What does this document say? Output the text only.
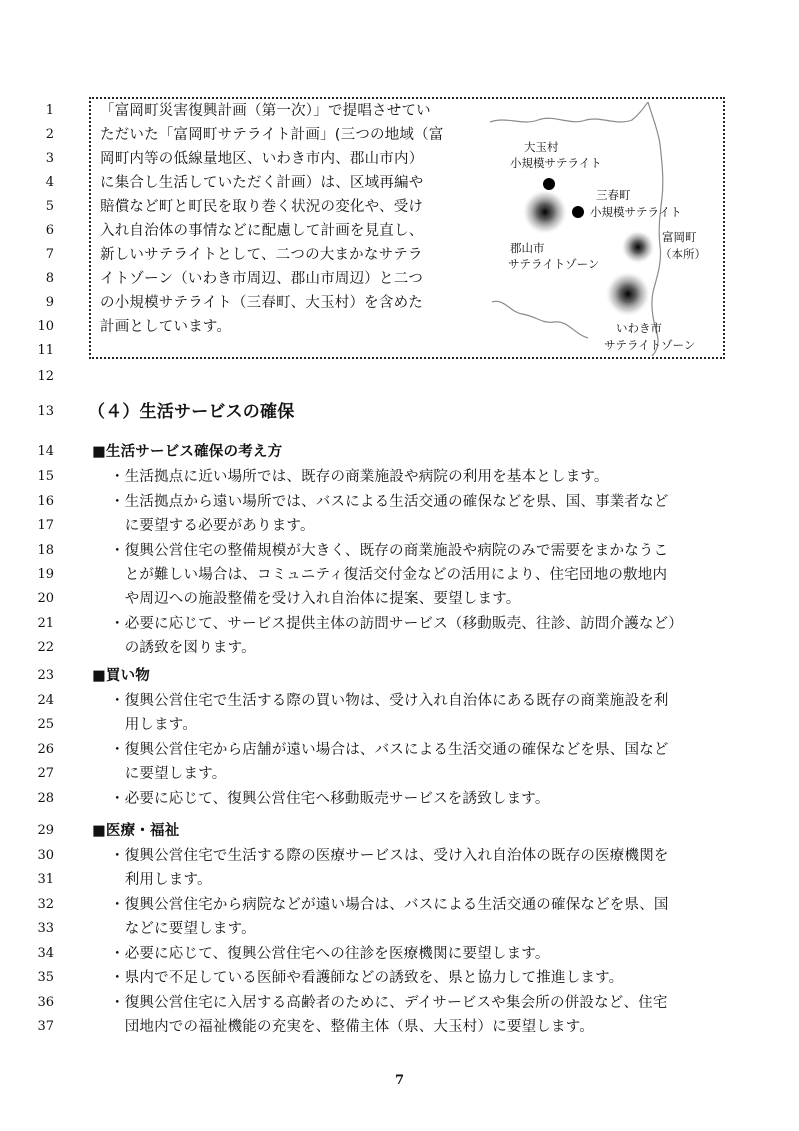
1
2
3
4
5
6
7
8
9
10
11
12
13
14
15
16
17
18
19
20
21
22
23
24
25
26
27
28
29
30
31
32
33
34
35
36
37
「富岡町災害復興計画（第一次）」で提唱させてい
ただいた「富岡町サテライト計画」(三つの地域（富
岡町内等の低線量地区、いわき市内、郡山市内）
に集合し生活していただく計画）は、区域再編や
賠償など町と町民を取り巻く状況の変化や、受け
入れ自治体の事情などに配慮して計画を見直し、
新しいサテライトとして、二つの大まかなサテラ
イトゾーン（いわき市周辺、郡山市周辺）と二つ
の小規模サテライト（三春町、大玉村）を含めた
計画としています。
大玉村
小規模サテライト
三春町
小規模サテライト
郡山市
サテライトゾーン
富岡町
（本所）
いわき市
サテライトゾーン
（４）生活サービスの確保
■生活サービス確保の考え方
・生活拠点に近い場所では、既存の商業施設や病院の利用を基本とします。
・生活拠点から遠い場所では、バスによる生活交通の確保などを県、国、事業者など
　に要望する必要があります。
・復興公営住宅の整備規模が大きく、既存の商業施設や病院のみで需要をまかなうこ
　とが難しい場合は、コミュニティ復活交付金などの活用により、住宅団地の敷地内
　や周辺への施設整備を受け入れ自治体に提案、要望します。
・必要に応じて、サービス提供主体の訪問サービス（移動販売、往診、訪問介護など）
　の誘致を図ります。
■買い物
・復興公営住宅で生活する際の買い物は、受け入れ自治体にある既存の商業施設を利
　用します。
・復興公営住宅から店舗が遠い場合は、バスによる生活交通の確保などを県、国など
　に要望します。
・必要に応じて、復興公営住宅へ移動販売サービスを誘致します。
■医療・福祉
・復興公営住宅で生活する際の医療サービスは、受け入れ自治体の既存の医療機関を
　利用します。
・復興公営住宅から病院などが遠い場合は、バスによる生活交通の確保などを県、国
　などに要望します。
・必要に応じて、復興公営住宅への往診を医療機関に要望します。
・県内で不足している医師や看護師などの誘致を、県と協力して推進します。
・復興公営住宅に入居する高齢者のために、デイサービスや集会所の併設など、住宅
　団地内での福祉機能の充実を、整備主体（県、大玉村）に要望します。
7
